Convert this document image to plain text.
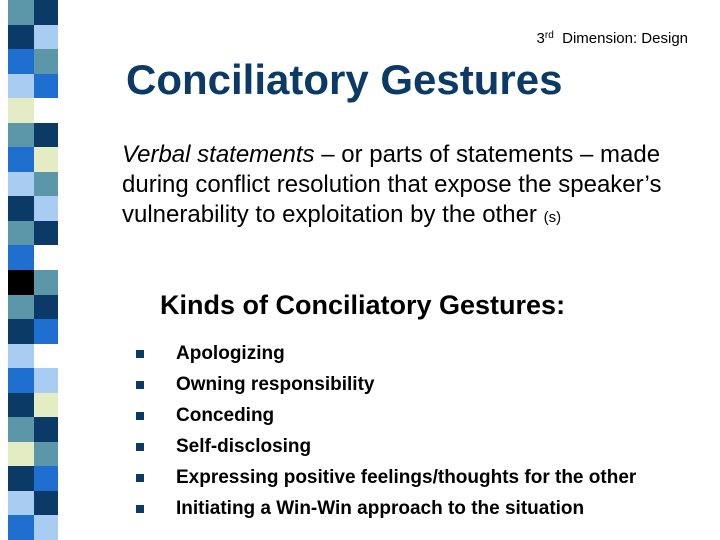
3rd Dimension: Design
Conciliatory Gestures
Verbal statements – or parts of statements – made during conflict resolution that expose the speaker’s vulnerability to exploitation by the other (s)
Kinds of Conciliatory Gestures:
Apologizing
Owning responsibility
Conceding
Self-disclosing
Expressing positive feelings/thoughts for the other
Initiating a Win-Win approach to the situation
